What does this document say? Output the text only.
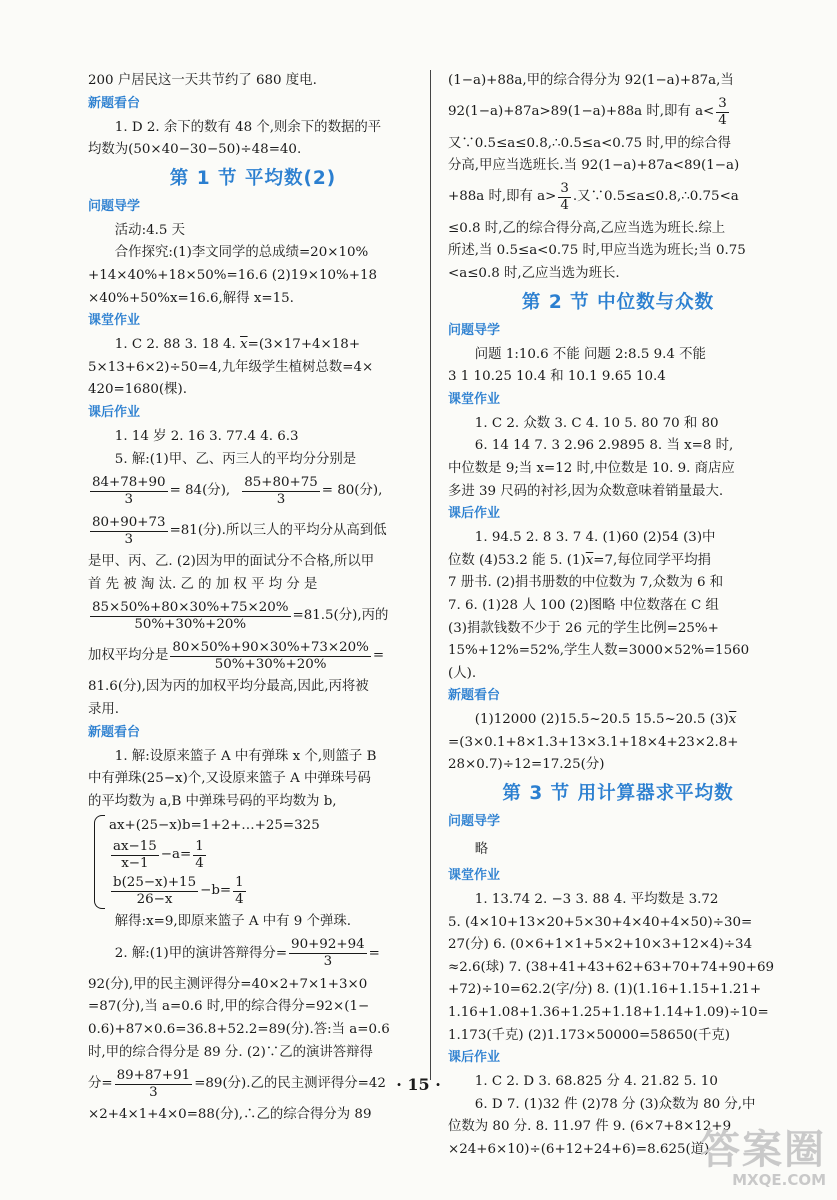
200 户居民这一天共节约了 680 度电.
新题看台
1. D 2. 余下的数有 48 个,则余下的数据的平
均数为(50×40−30−50)÷48=40.
第 1 节 平均数(2)
问题导学
活动:4.5 天
合作探究:(1)李文同学的总成绩=20×10%
+14×40%+18×50%=16.6 (2)19×10%+18
×40%+50%x=16.6,解得 x=15.
课堂作业
1. C 2. 88 3. 18 4. $\overline{x}=(3\times 17+4\times 18+$
5×13+6×2)÷50=4,九年级学生植树总数=4×
420=1680(棵).
课后作业
1. 14 岁 2. 16 3. 77.4 4. 6.3
5. 解:(1)甲、乙、丙三人的平均分分别是
$\frac{84+78+90}{3} = 84$(分), $\frac{85+80+75}{3} = 80$(分),
$\frac{80+90+73}{3} =81$(分).所以三人的平均分从高到低
是甲、丙、乙. (2)因为甲的面试分不合格,所以甲
首 先 被 淘 汰. 乙 的 加 权 平 均 分 是
$\frac{85\times 50\%+80\times 30\%+75\times 20\%}{50\%+30\%+20\%} =81.5$(分),丙的
加权平均分是 $\frac{80\times 50\%+90\times 30\%+73\times 20\%}{50\%+30\%+20\%}$ =
81.6(分),因为丙的加权平均分最高,因此,丙将被
录用.
新题看台
1. 解:设原来篮子 A 中有弹珠 x 个,则篮子 B
中有弹珠(25−x)个,又设原来篮子 A 中弹珠号码
的平均数为 a,B 中弹珠号码的平均数为 b,
ax+(25−x)b=1+2+…+25=325
$\frac{ax-15}{x-1} -a= \frac{1}{4}$
$\frac{b(25-x)+15}{26-x} -b= \frac{1}{4}$
解得:x=9,即原来篮子 A 中有 9 个弹珠.
2. 解:(1)甲的演讲答辩得分= $\frac{90+92+94}{3}$ =
92(分),甲的民主测评得分=40×2+7×1+3×0
=87(分),当 a=0.6 时,甲的综合得分=92×(1−
0.6)+87×0.6=36.8+52.2=89(分).答:当 a=0.6
时,甲的综合得分是 89 分. (2)∵乙的演讲答辩得
分= $\frac{89+87+91}{3} =89$(分).乙的民主测评得分=42
×2+4×1+4×0=88(分),∴乙的综合得分为 89
(1−a)+88a,甲的综合得分为 92(1−a)+87a,当
92(1−a)+87a>89(1−a)+88a 时,即有 $a< \frac{3}{4}$
又∵0.5≤a≤0.8,∴0.5≤a<0.75 时,甲的综合得
分高,甲应当选班长.当 92(1−a)+87a<89(1−a)
+88a 时,即有 $a> \frac{3}{4}$ .又∵0.5≤a≤0.8,∴0.75<a
≤0.8 时,乙的综合得分高,乙应当选为班长.综上
所述,当 0.5≤a<0.75 时,甲应当选为班长;当 0.75
<a≤0.8 时,乙应当选为班长.
第 2 节 中位数与众数
问题导学
问题 1:10.6 不能 问题 2:8.5 9.4 不能
3 1 10.25 10.4 和 10.1 9.65 10.4
课堂作业
1. C 2. 众数 3. C 4. 10 5. 80 70 和 80
6. 14 14 7. 3 2.96 2.9895 8. 当 x=8 时,
中位数是 9;当 x=12 时,中位数是 10. 9. 商店应
多进 39 尺码的衬衫,因为众数意味着销量最大.
课后作业
1. 94.5 2. 8 3. 7 4. (1)60 (2)54 (3)中
位数 (4)53.2 能 5. $(1)\overline{x}=7$,每位同学平均捐
7 册书. (2)捐书册数的中位数为 7,众数为 6 和
7. 6. (1)28 人 100 (2)图略 中位数落在 C 组
(3)捐款钱数不少于 26 元的学生比例=25%+
15%+12%=52%,学生人数=3000×52%=1560
(人).
新题看台
(1)12000 (2)15.5~20.5 15.5~20.5 $(3)\overline{x}$
=(3×0.1+8×1.3+13×3.1+18×4+23×2.8+
28×0.7)÷12=17.25(分)
第 3 节 用计算器求平均数
问题导学
略
课堂作业
1. 13.74 2. −3 3. 88 4. 平均数是 3.72
5. (4×10+13×20+5×30+4×40+4×50)÷30=
27(分) 6. (0×6+1×1+5×2+10×3+12×4)÷34
≈2.6(球) 7. (38+41+43+62+63+70+74+90+69
+72)÷10=62.2(字/分) 8. (1)(1.16+1.15+1.21+
1.16+1.08+1.36+1.25+1.18+1.14+1.09)÷10=
1.173(千克) (2)1.173×50000=58650(千克)
课后作业
1. C 2. D 3. 68.825 分 4. 21.82 5. 10
6. D 7. (1)32 件 (2)78 分 (3)众数为 80 分,中
位数为 80 分. 8. 11.97 件 9. (6×7+8×12+9
×24+6×10)÷(6+12+24+6)=8.625(道)
· 15 ·
答案圈
MXQE.COM
